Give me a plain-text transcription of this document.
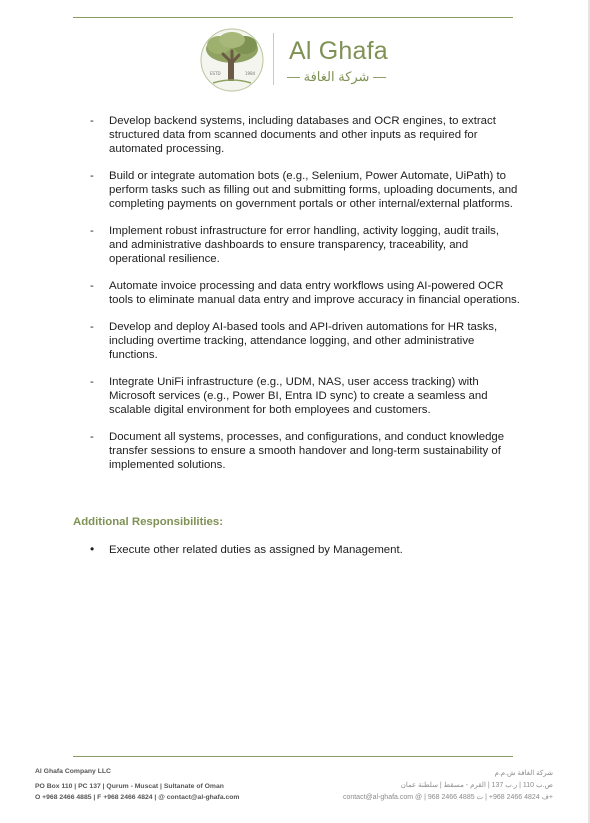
ESTD	1984
Al Ghafa
— شركة الغافة —
- Develop backend systems, including databases and OCR engines, to extract structured data from scanned documents and other inputs as required for automated processing.
- Build or integrate automation bots (e.g., Selenium, Power Automate, UiPath) to perform tasks such as filling out and submitting forms, uploading documents, and completing payments on government portals or other internal/external platforms.
- Implement robust infrastructure for error handling, activity logging, audit trails, and administrative dashboards to ensure transparency, traceability, and operational resilience.
- Automate invoice processing and data entry workflows using AI-powered OCR tools to eliminate manual data entry and improve accuracy in financial operations.
- Develop and deploy AI-based tools and API-driven automations for HR tasks, including overtime tracking, attendance logging, and other administrative functions.
- Integrate UniFi infrastructure (e.g., UDM, NAS, user access tracking) with Microsoft services (e.g., Power BI, Entra ID sync) to create a seamless and scalable digital environment for both employees and customers.
- Document all systems, processes, and configurations, and conduct knowledge transfer sessions to ensure a smooth handover and long-term sustainability of implemented solutions.
Additional Responsibilities:
• Execute other related duties as assigned by Management.
Al Ghafa Company LLC
PO Box 110 | PC 137 | Qurum - Muscat | Sultanate of Oman
O +968 2466 4885 | F +968 2466 4824 | @ contact@al-ghafa.com
شركة الغافة ش.م.م
ص.ب 110 | ر.ب 137 | القرم - مسقط | سلطنة عمان
contact@al-ghafa.com @ | ف 4824 2466 968+ | ت 4885 2466 968+
